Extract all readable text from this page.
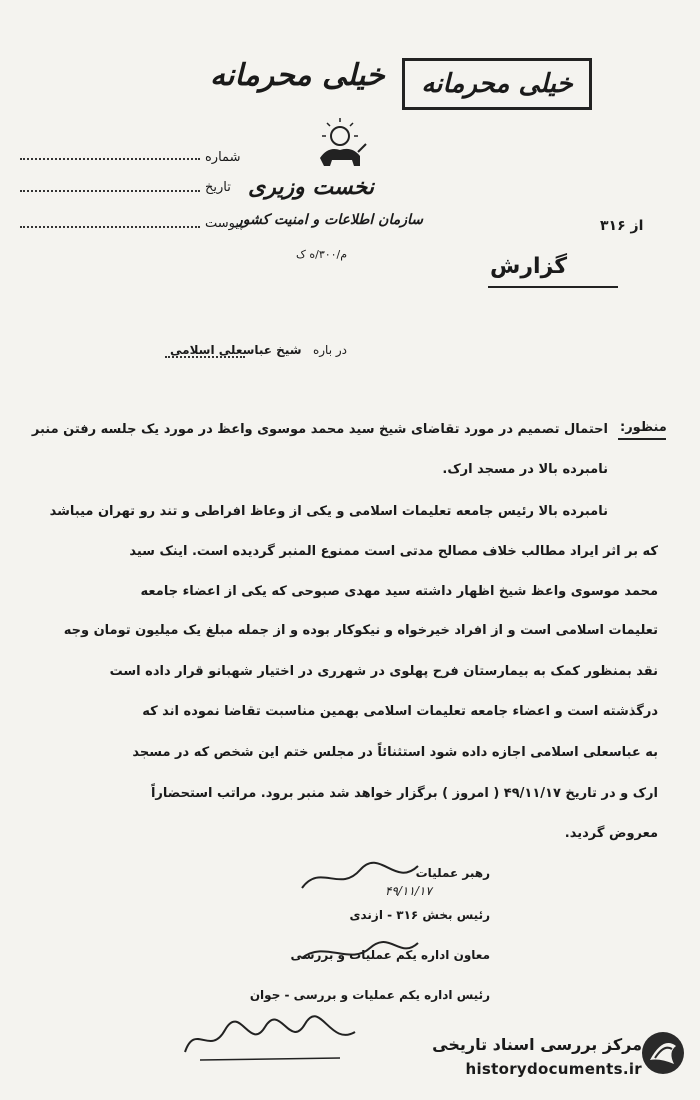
خیلی محرمانه	خیلی محرمانه
شماره
تاریخ
پیوست
نخست وزیری
سازمان اطلاعات و امنیت کشور
م/۳۰۰/ه ک
از ۳۱۶
گزارش
در باره   شیخ عباسعلی اسلامی
منظور:
احتمال تصمیم در مورد تقاضای شیخ سید محمد موسوی واعظ در مورد یک جلسه رفتن منبر
نامبرده بالا در مسجد ارک.
نامبرده بالا رئیس جامعه تعلیمات اسلامی و یکی از وعاظ افراطی و تند رو تهران میباشد
که بر اثر ایراد مطالب خلاف مصالح مدتی است ممنوع المنبر گردیده است. اینک سید
محمد موسوی واعظ شیخ اظهار داشته سید مهدی صبوحی که یکی از اعضاء جامعه
تعلیمات اسلامی است و از افراد خیرخواه و نیکوکار بوده و از جمله مبلغ یک میلیون تومان وجه
نقد بمنظور کمک به بیمارستان فرح پهلوی در شهرری در اختیار شهبانو قرار داده است
درگذشته است و اعضاء جامعه تعلیمات اسلامی بهمین مناسبت تقاضا نموده اند که
به عباسعلی اسلامی اجازه داده شود استثنائاً در مجلس ختم این شخص که در مسجد
ارک و در تاریخ ۴۹/۱۱/۱۷ ( امروز ) برگزار خواهد شد منبر برود. مراتب استحضاراً
معروض گردید.
رهبر عملیات
۴۹/۱۱/۱۷
رئیس بخش ۳۱۶ - ازندی
معاون اداره یکم عملیات و بررسی
رئیس اداره یکم عملیات و بررسی - جوان
مرکز بررسی اسناد تاریخی
historydocuments.ir
